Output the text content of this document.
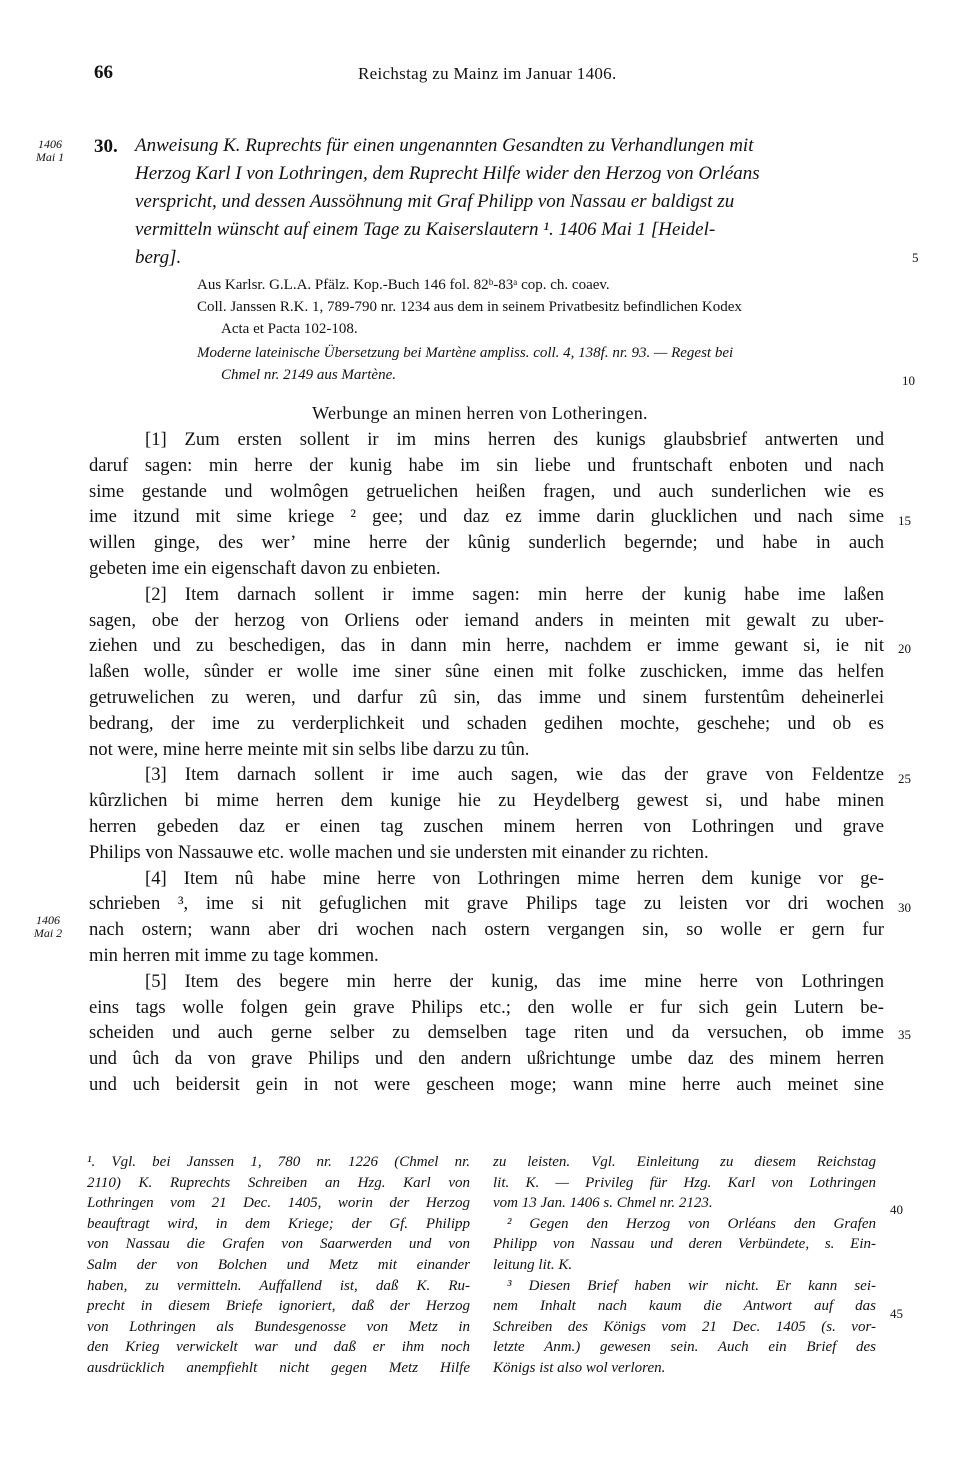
66	Reichstag zu Mainz im Januar 1406.
1406
Mai 1
1406
Mai 2
5
10
15
20
25
30
35
40
45
30. Anweisung K. Ruprechts für einen ungenannten Gesandten zu Verhandlungen mit
Herzog Karl I von Lothringen, dem Ruprecht Hilfe wider den Herzog von Orléans
verspricht, und dessen Aussöhnung mit Graf Philipp von Nassau er baldigst zu
vermitteln wünscht auf einem Tage zu Kaiserslautern ¹. 1406 Mai 1 [Heidel-
berg].
Aus Karlsr. G.L.A. Pfälz. Kop.-Buch 146 fol. 82ᵇ-83ᵃ cop. ch. coaev.
Coll. Janssen R.K. 1, 789-790 nr. 1234 aus dem in seinem Privatbesitz befindlichen Kodex
Acta et Pacta 102-108.
Moderne lateinische Übersetzung bei Martène ampliss. coll. 4, 138f. nr. 93. — Regest bei
Chmel nr. 2149 aus Martène.
Werbunge an minen herren von Lotheringen.
[1] Zum ersten sollent ir im mins herren des kunigs glaubsbrief antwerten und
daruf sagen: min herre der kunig habe im sin liebe und fruntschaft enboten und nach
sime gestande und wolmôgen getruelichen heißen fragen, und auch sunderlichen wie es
ime itzund mit sime kriege ² gee; und daz ez imme darin glucklichen und nach sime
willen ginge, des wer’ mine herre der kûnig sunderlich begernde; und habe in auch
gebeten ime ein eigenschaft davon zu enbieten.
[2] Item darnach sollent ir imme sagen: min herre der kunig habe ime laßen
sagen, obe der herzog von Orliens oder iemand anders in meinten mit gewalt zu uber-
ziehen und zu beschedigen, das in dann min herre, nachdem er imme gewant si, ie nit
laßen wolle, sûnder er wolle ime siner sûne einen mit folke zuschicken, imme das helfen
getruwelichen zu weren, und darfur zû sin, das imme und sinem furstentûm deheinerlei
bedrang, der ime zu verderplichkeit und schaden gedihen mochte, geschehe; und ob es
not were, mine herre meinte mit sin selbs libe darzu zu tûn.
[3] Item darnach sollent ir ime auch sagen, wie das der grave von Feldentze
kûrzlichen bi mime herren dem kunige hie zu Heydelberg gewest si, und habe minen
herren gebeden daz er einen tag zuschen minem herren von Lothringen und grave
Philips von Nassauwe etc. wolle machen und sie understen mit einander zu richten.
[4] Item nû habe mine herre von Lothringen mime herren dem kunige vor ge-
schrieben ³, ime si nit gefuglichen mit grave Philips tage zu leisten vor dri wochen
nach ostern; wann aber dri wochen nach ostern vergangen sin, so wolle er gern fur
min herren mit imme zu tage kommen.
[5] Item des begere min herre der kunig, das ime mine herre von Lothringen
eins tags wolle folgen gein grave Philips etc.; den wolle er fur sich gein Lutern be-
scheiden und auch gerne selber zu demselben tage riten und da versuchen, ob imme
und ûch da von grave Philips und den andern ußrichtunge umbe daz des minem herren
und uch beidersit gein in not were gescheen moge; wann mine herre auch meinet sine
¹. Vgl. bei Janssen 1, 780 nr. 1226 (Chmel nr.
2110) K. Ruprechts Schreiben an Hzg. Karl von
Lothringen vom 21 Dec. 1405, worin der Herzog
beauftragt wird, in dem Kriege; der Gf. Philipp
von Nassau die Grafen von Saarwerden und von
Salm der von Bolchen und Metz mit einander
haben, zu vermitteln. Auffallend ist, daß K. Ru-
precht in diesem Briefe ignoriert, daß der Herzog
von Lothringen als Bundesgenosse von Metz in
den Krieg verwickelt war und daß er ihm noch
ausdrücklich anempfiehlt nicht gegen Metz Hilfe
zu leisten. Vgl. Einleitung zu diesem Reichstag
lit. K. — Privileg für Hzg. Karl von Lothringen
vom 13 Jan. 1406 s. Chmel nr. 2123.
² Gegen den Herzog von Orléans den Grafen
Philipp von Nassau und deren Verbündete, s. Ein-
leitung lit. K.
³ Diesen Brief haben wir nicht. Er kann sei-
nem Inhalt nach kaum die Antwort auf das
Schreiben des Königs vom 21 Dec. 1405 (s. vor-
letzte Anm.) gewesen sein. Auch ein Brief des
Königs ist also wol verloren.
